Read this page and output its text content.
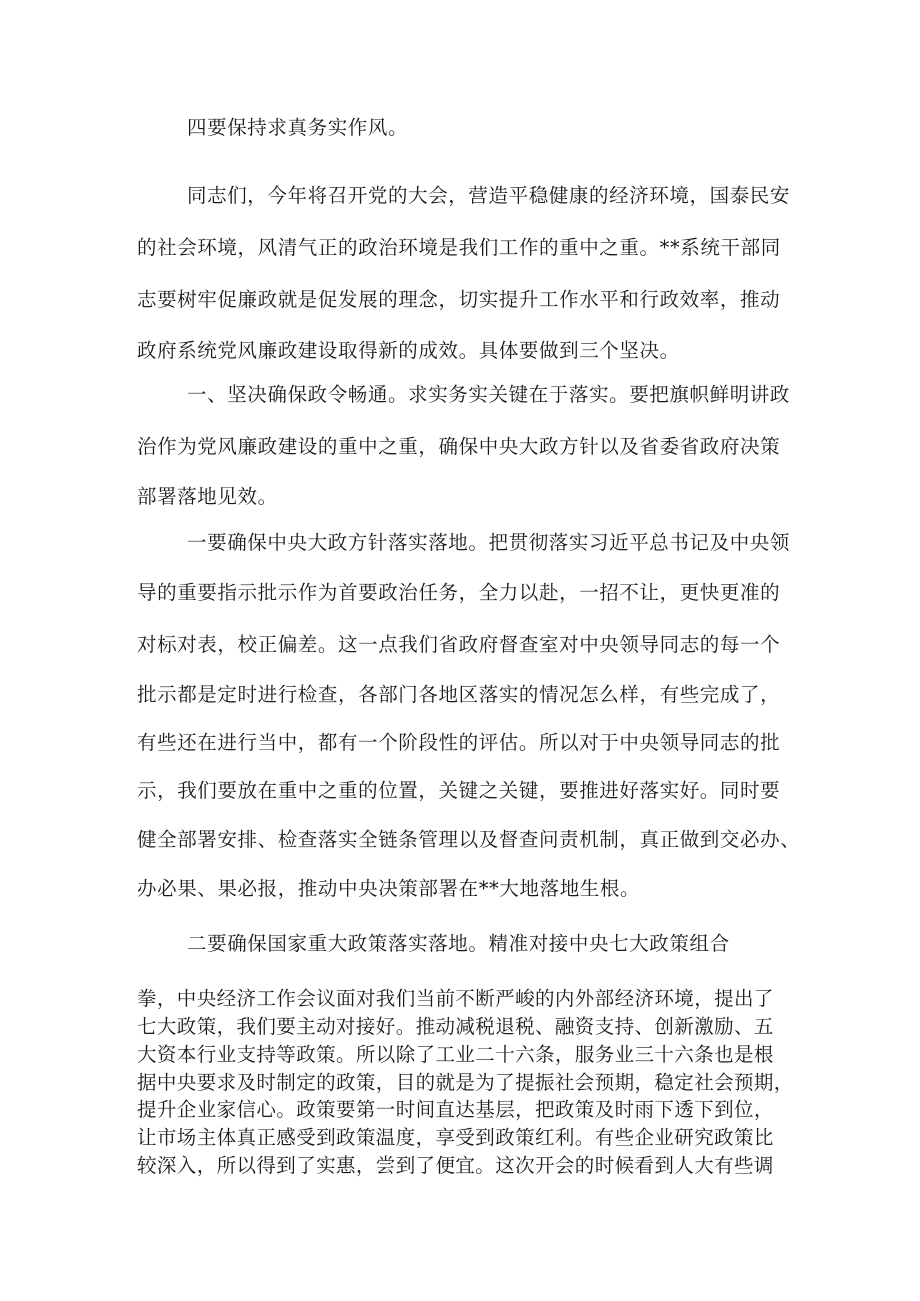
四要保持求真务实作风。
同志们，今年将召开党的大会，营造平稳健康的经济环境，国泰民安
的社会环境，风清气正的政治环境是我们工作的重中之重。**系统干部同
志要树牢促廉政就是促发展的理念，切实提升工作水平和行政效率，推动
政府系统党风廉政建设取得新的成效。具体要做到三个坚决。
一、坚决确保政令畅通。求实务实关键在于落实。要把旗帜鲜明讲政
治作为党风廉政建设的重中之重，确保中央大政方针以及省委省政府决策
部署落地见效。
一要确保中央大政方针落实落地。把贯彻落实习近平总书记及中央领
导的重要指示批示作为首要政治任务，全力以赴，一招不让，更快更准的
对标对表，校正偏差。这一点我们省政府督查室对中央领导同志的每一个
批示都是定时进行检查，各部门各地区落实的情况怎么样，有些完成了，
有些还在进行当中，都有一个阶段性的评估。所以对于中央领导同志的批
示，我们要放在重中之重的位置，关键之关键，要推进好落实好。同时要
健全部署安排、检查落实全链条管理以及督查问责机制，真正做到交必办、
办必果、果必报，推动中央决策部署在**大地落地生根。
二要确保国家重大政策落实落地。精准对接中央七大政策组合
拳，中央经济工作会议面对我们当前不断严峻的内外部经济环境，提出了
七大政策，我们要主动对接好。推动减税退税、融资支持、创新激励、五
大资本行业支持等政策。所以除了工业二十六条，服务业三十六条也是根
据中央要求及时制定的政策，目的就是为了提振社会预期，稳定社会预期，
提升企业家信心。政策要第一时间直达基层，把政策及时雨下透下到位，
让市场主体真正感受到政策温度，享受到政策红利。有些企业研究政策比
较深入，所以得到了实惠，尝到了便宜。这次开会的时候看到人大有些调
